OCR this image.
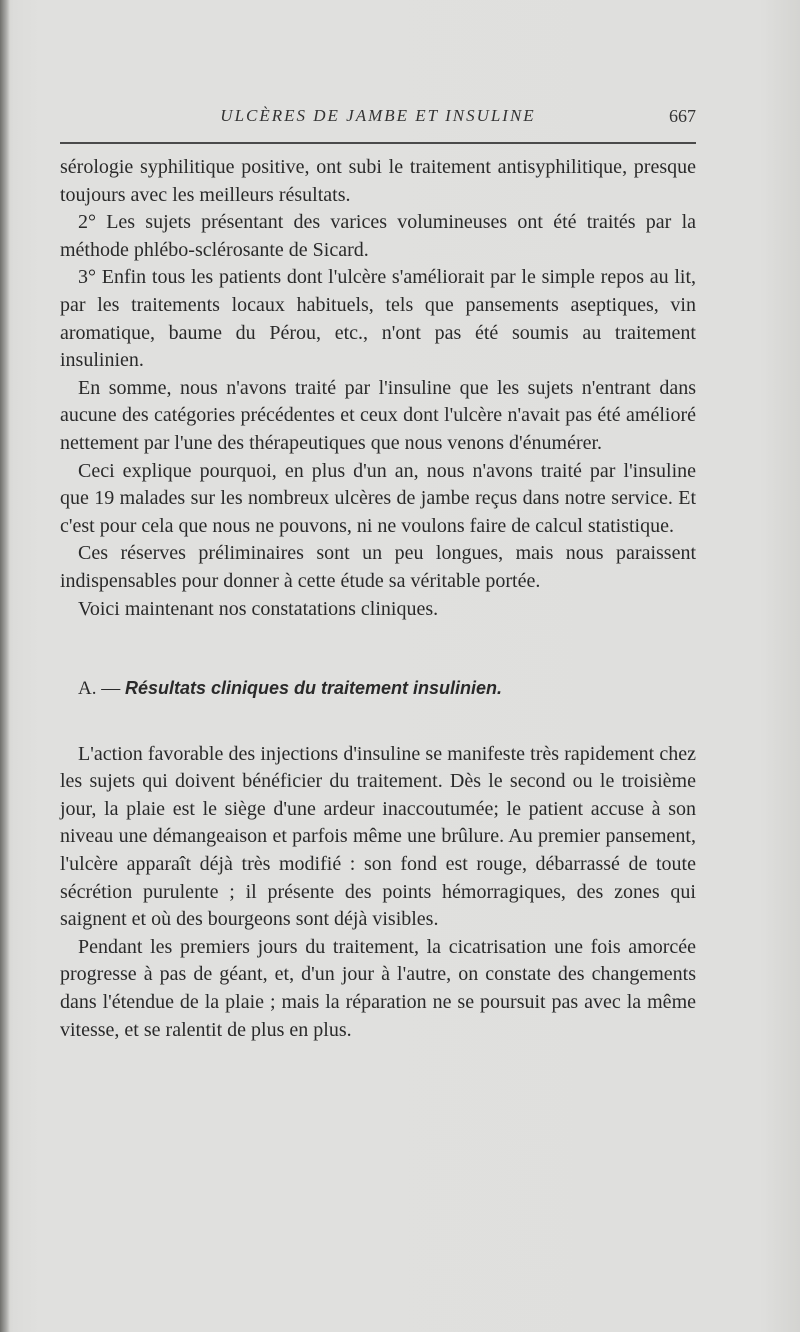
ULCÈRES DE JAMBE ET INSULINE	667

sérologie syphilitique positive, ont subi le traitement antisyphilitique, presque toujours avec les meilleurs résultats.

2° Les sujets présentant des varices volumineuses ont été traités par la méthode phlébo-sclérosante de Sicard.

3° Enfin tous les patients dont l'ulcère s'améliorait par le simple repos au lit, par les traitements locaux habituels, tels que pansements aseptiques, vin aromatique, baume du Pérou, etc., n'ont pas été soumis au traitement insulinien.

En somme, nous n'avons traité par l'insuline que les sujets n'entrant dans aucune des catégories précédentes et ceux dont l'ulcère n'avait pas été amélioré nettement par l'une des thérapeutiques que nous venons d'énumérer.

Ceci explique pourquoi, en plus d'un an, nous n'avons traité par l'insuline que 19 malades sur les nombreux ulcères de jambe reçus dans notre service. Et c'est pour cela que nous ne pouvons, ni ne voulons faire de calcul statistique.

Ces réserves préliminaires sont un peu longues, mais nous paraissent indispensables pour donner à cette étude sa véritable portée.

Voici maintenant nos constatations cliniques.

A. — Résultats cliniques du traitement insulinien.

L'action favorable des injections d'insuline se manifeste très rapidement chez les sujets qui doivent bénéficier du traitement. Dès le second ou le troisième jour, la plaie est le siège d'une ardeur inaccoutumée; le patient accuse à son niveau une démangeaison et parfois même une brûlure. Au premier pansement, l'ulcère apparaît déjà très modifié : son fond est rouge, débarrassé de toute sécrétion purulente ; il présente des points hémorragiques, des zones qui saignent et où des bourgeons sont déjà visibles.

Pendant les premiers jours du traitement, la cicatrisation une fois amorcée progresse à pas de géant, et, d'un jour à l'autre, on constate des changements dans l'étendue de la plaie ; mais la réparation ne se poursuit pas avec la même vitesse, et se ralentit de plus en plus.
